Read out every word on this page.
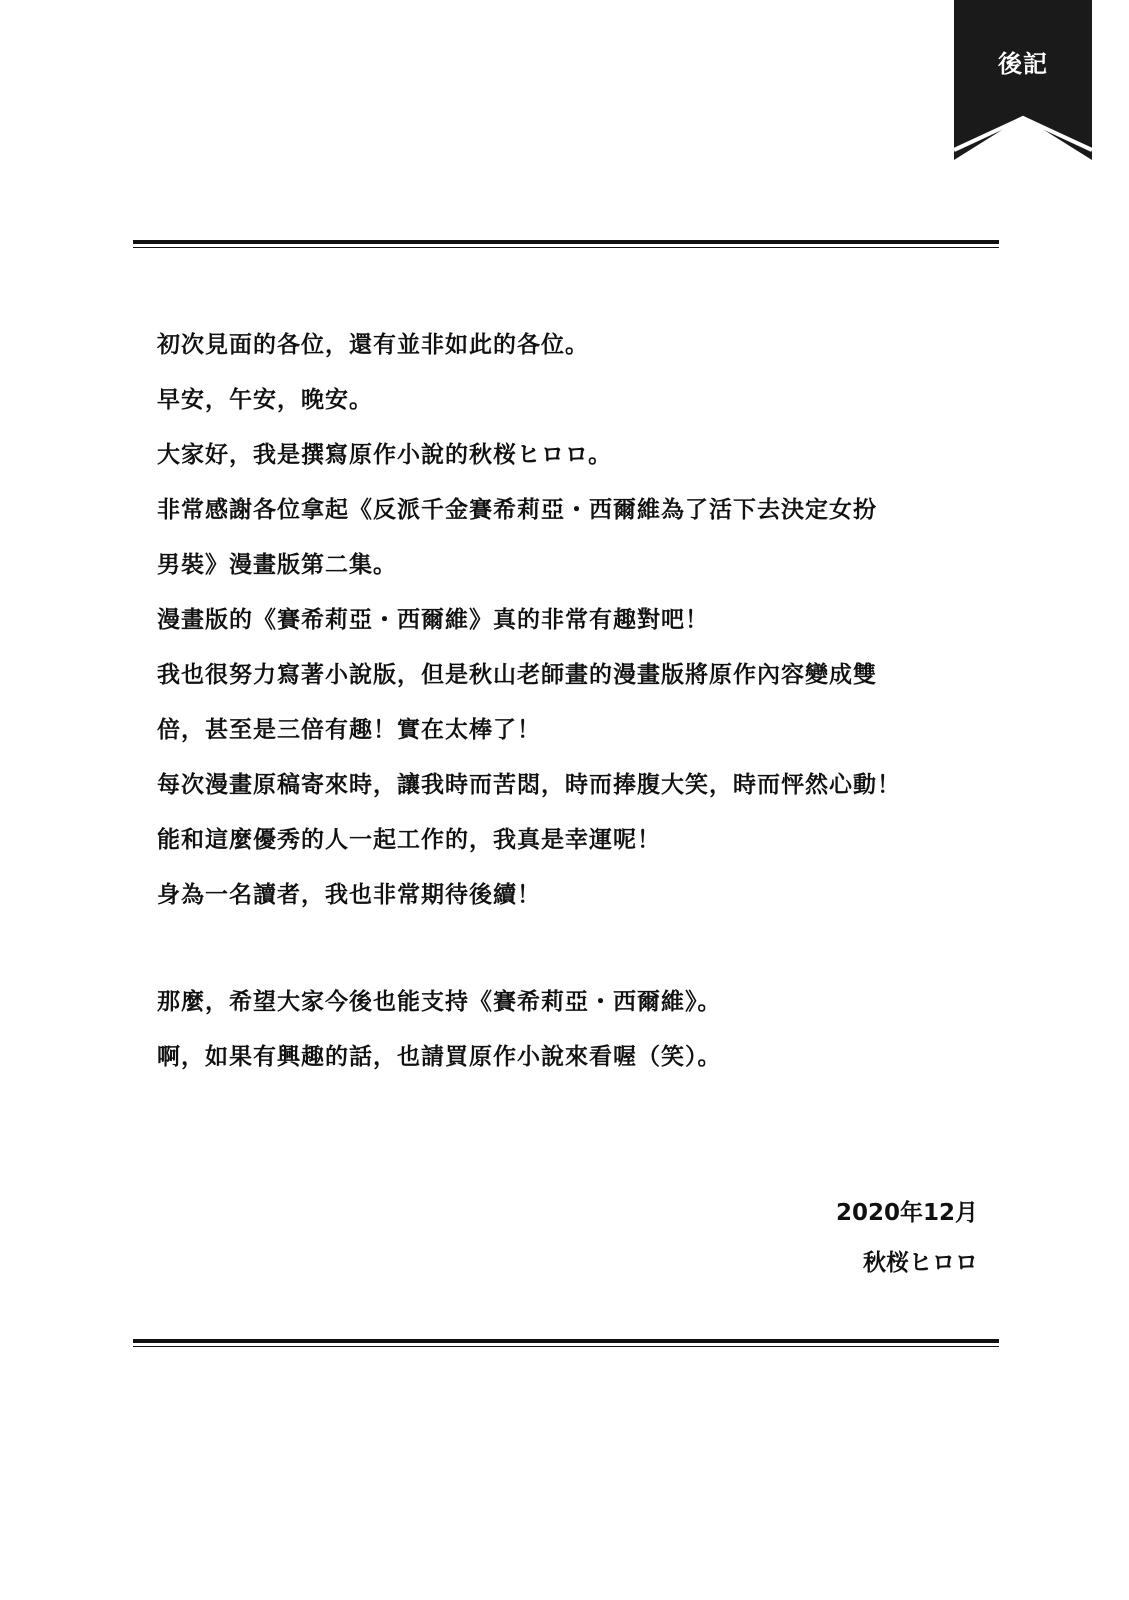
後記
初次見面的各位，還有並非如此的各位。
早安，午安，晚安。
大家好，我是撰寫原作小說的秋桜ヒロロ。
非常感謝各位拿起《反派千金賽希莉亞・西爾維為了活下去決定女扮
男裝》漫畫版第二集。
漫畫版的《賽希莉亞・西爾維》真的非常有趣對吧！
我也很努力寫著小說版，但是秋山老師畫的漫畫版將原作內容變成雙
倍，甚至是三倍有趣！實在太棒了！
每次漫畫原稿寄來時，讓我時而苦悶，時而捧腹大笑，時而怦然心動！
能和這麼優秀的人一起工作的，我真是幸運呢！
身為一名讀者，我也非常期待後續！
那麼，希望大家今後也能支持《賽希莉亞・西爾維》。
啊，如果有興趣的話，也請買原作小說來看喔（笑）。
2020年12月
秋桜ヒロロ
